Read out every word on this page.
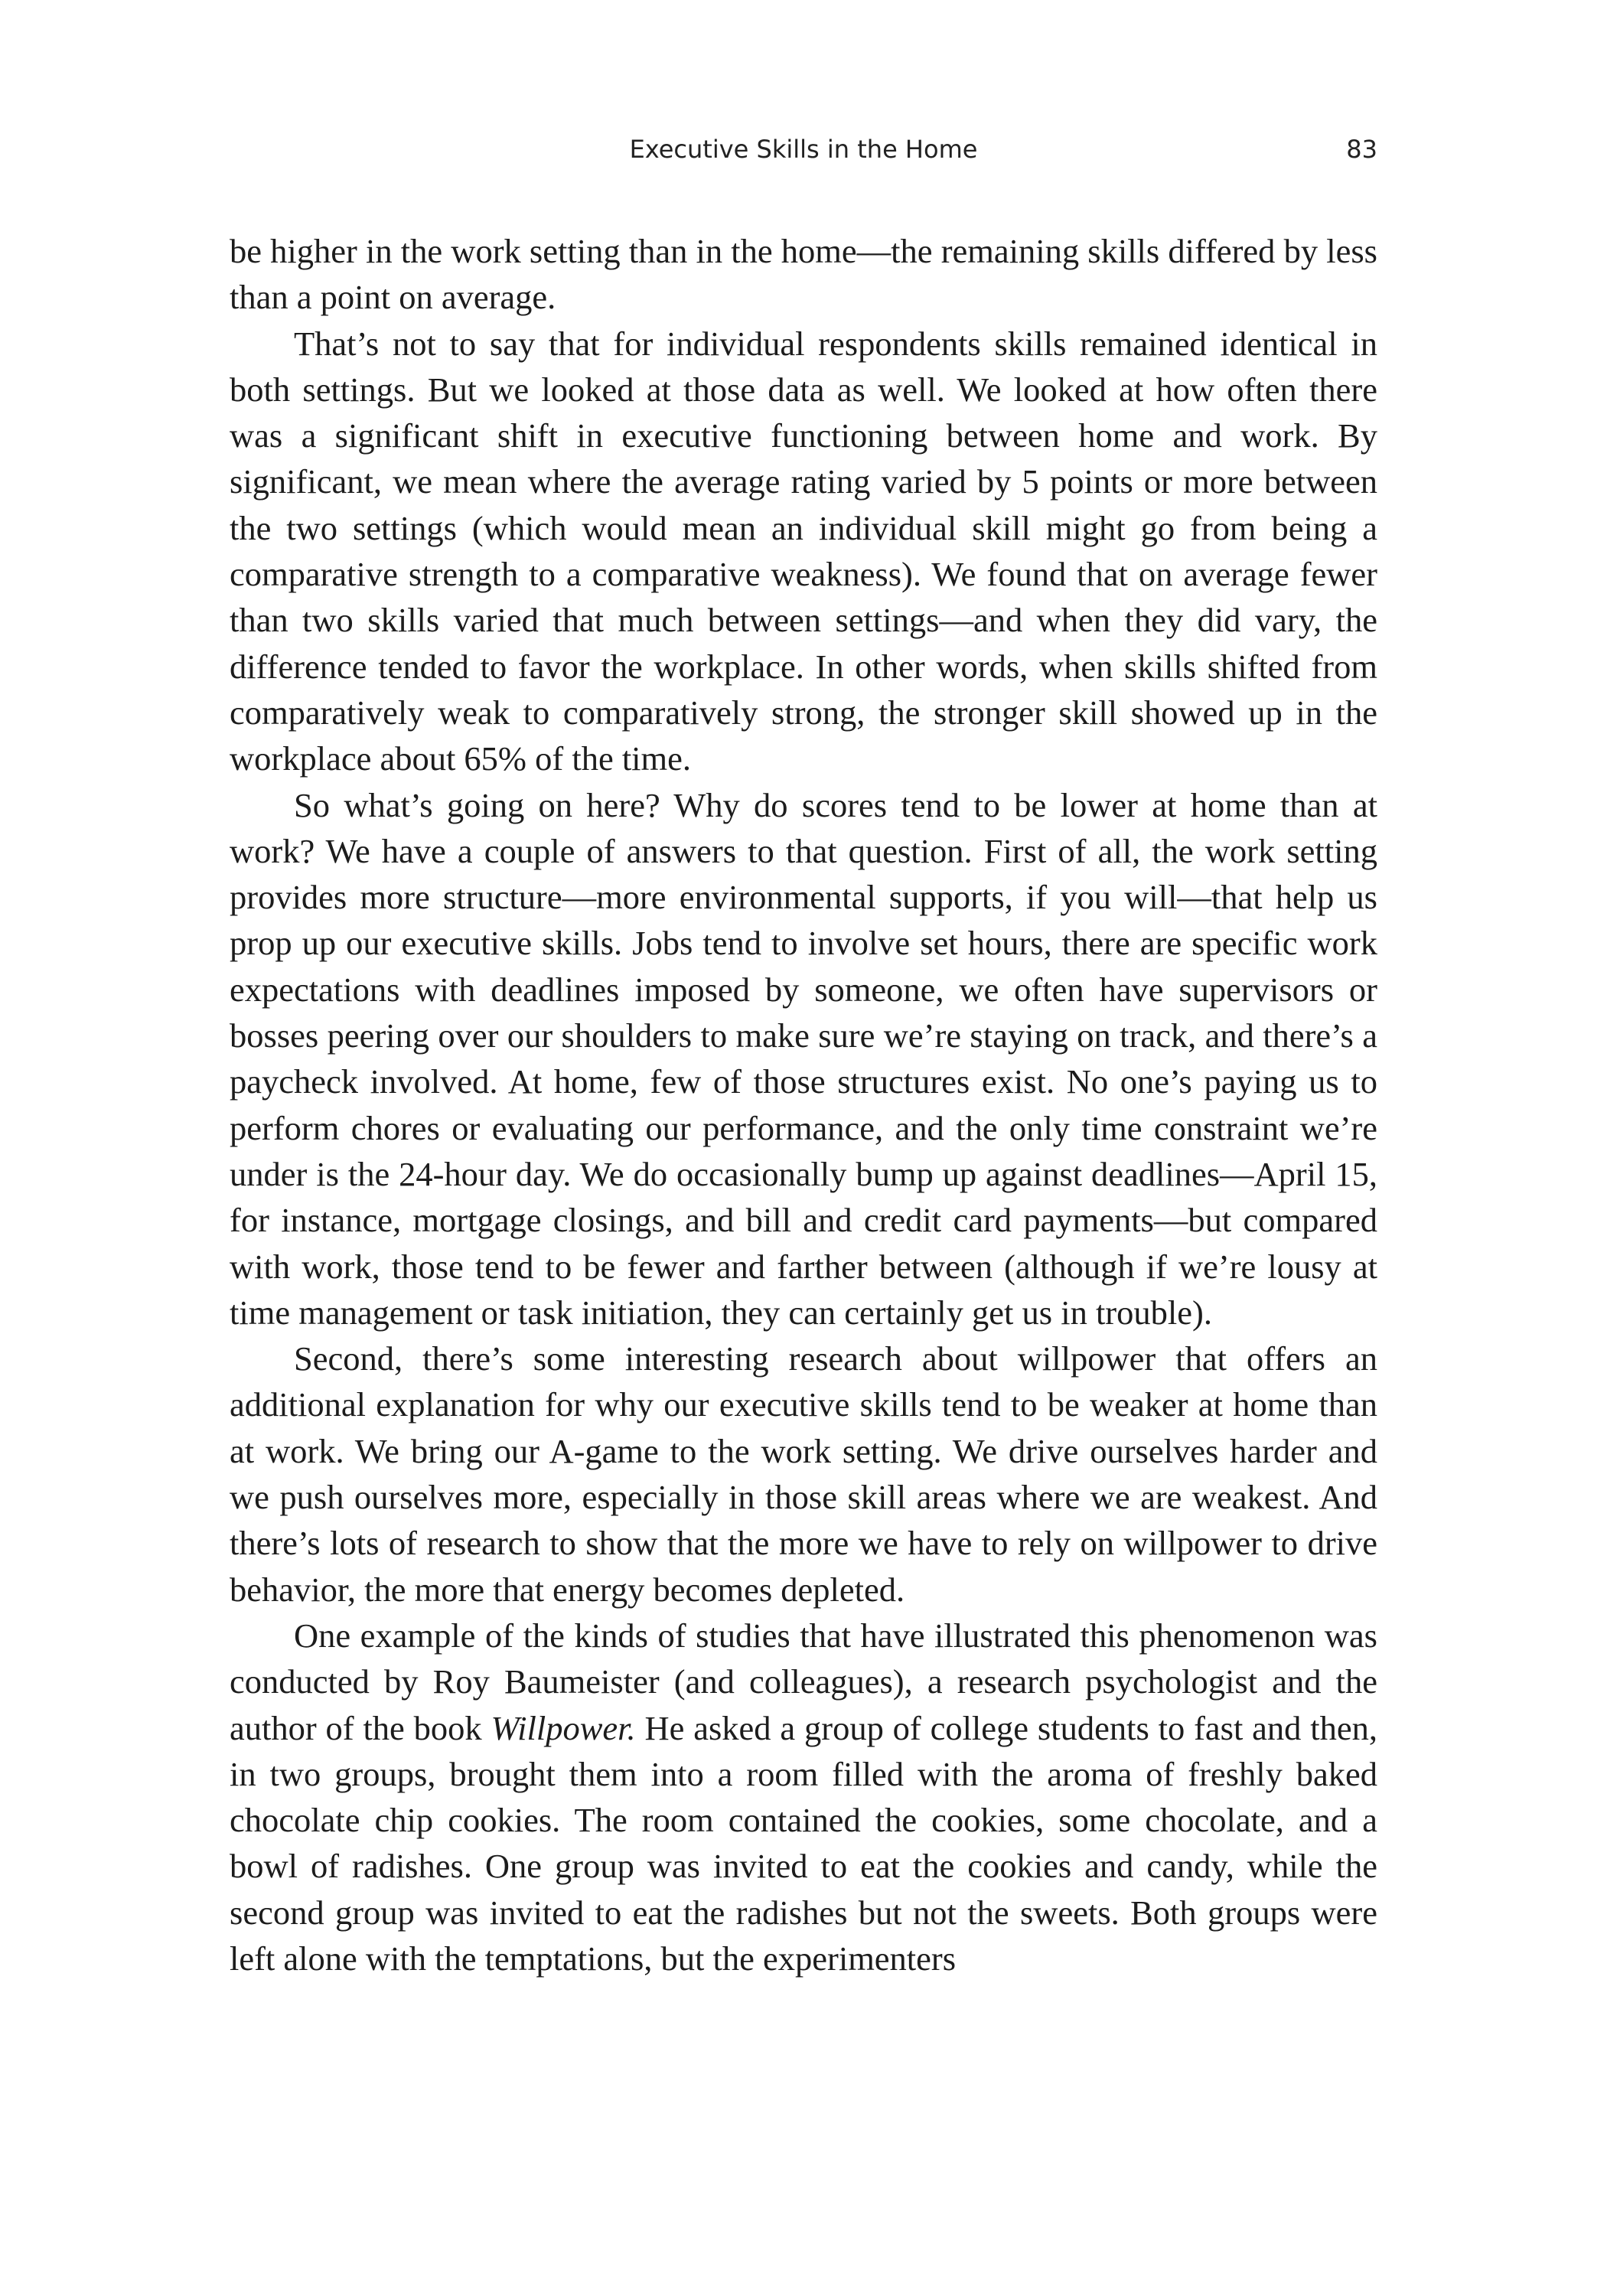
Executive Skills in the Home	83

be higher in the work setting than in the home—the remaining skills differed by less than a point on average.

That’s not to say that for individual respondents skills remained identical in both settings. But we looked at those data as well. We looked at how often there was a significant shift in executive functioning between home and work. By significant, we mean where the average rating varied by 5 points or more between the two settings (which would mean an individual skill might go from being a comparative strength to a comparative weakness). We found that on average fewer than two skills varied that much between settings—and when they did vary, the difference tended to favor the workplace. In other words, when skills shifted from comparatively weak to comparatively strong, the stronger skill showed up in the workplace about 65% of the time.

So what’s going on here? Why do scores tend to be lower at home than at work? We have a couple of answers to that question. First of all, the work setting provides more structure—more environmental supports, if you will—that help us prop up our executive skills. Jobs tend to involve set hours, there are specific work expectations with deadlines imposed by someone, we often have supervisors or bosses peering over our shoulders to make sure we’re staying on track, and there’s a paycheck involved. At home, few of those structures exist. No one’s paying us to perform chores or evaluating our performance, and the only time constraint we’re under is the 24-hour day. We do occasionally bump up against deadlines—April 15, for instance, mortgage closings, and bill and credit card payments—but compared with work, those tend to be fewer and farther between (although if we’re lousy at time management or task initiation, they can certainly get us in trouble).

Second, there’s some interesting research about willpower that offers an additional explanation for why our executive skills tend to be weaker at home than at work. We bring our A-game to the work setting. We drive ourselves harder and we push ourselves more, especially in those skill areas where we are weakest. And there’s lots of research to show that the more we have to rely on willpower to drive behavior, the more that energy becomes depleted.

One example of the kinds of studies that have illustrated this phenomenon was conducted by Roy Baumeister (and colleagues), a research psychologist and the author of the book Willpower. He asked a group of college students to fast and then, in two groups, brought them into a room filled with the aroma of freshly baked chocolate chip cookies. The room contained the cookies, some chocolate, and a bowl of radishes. One group was invited to eat the cookies and candy, while the second group was invited to eat the radishes but not the sweets. Both groups were left alone with the temptations, but the experimenters
